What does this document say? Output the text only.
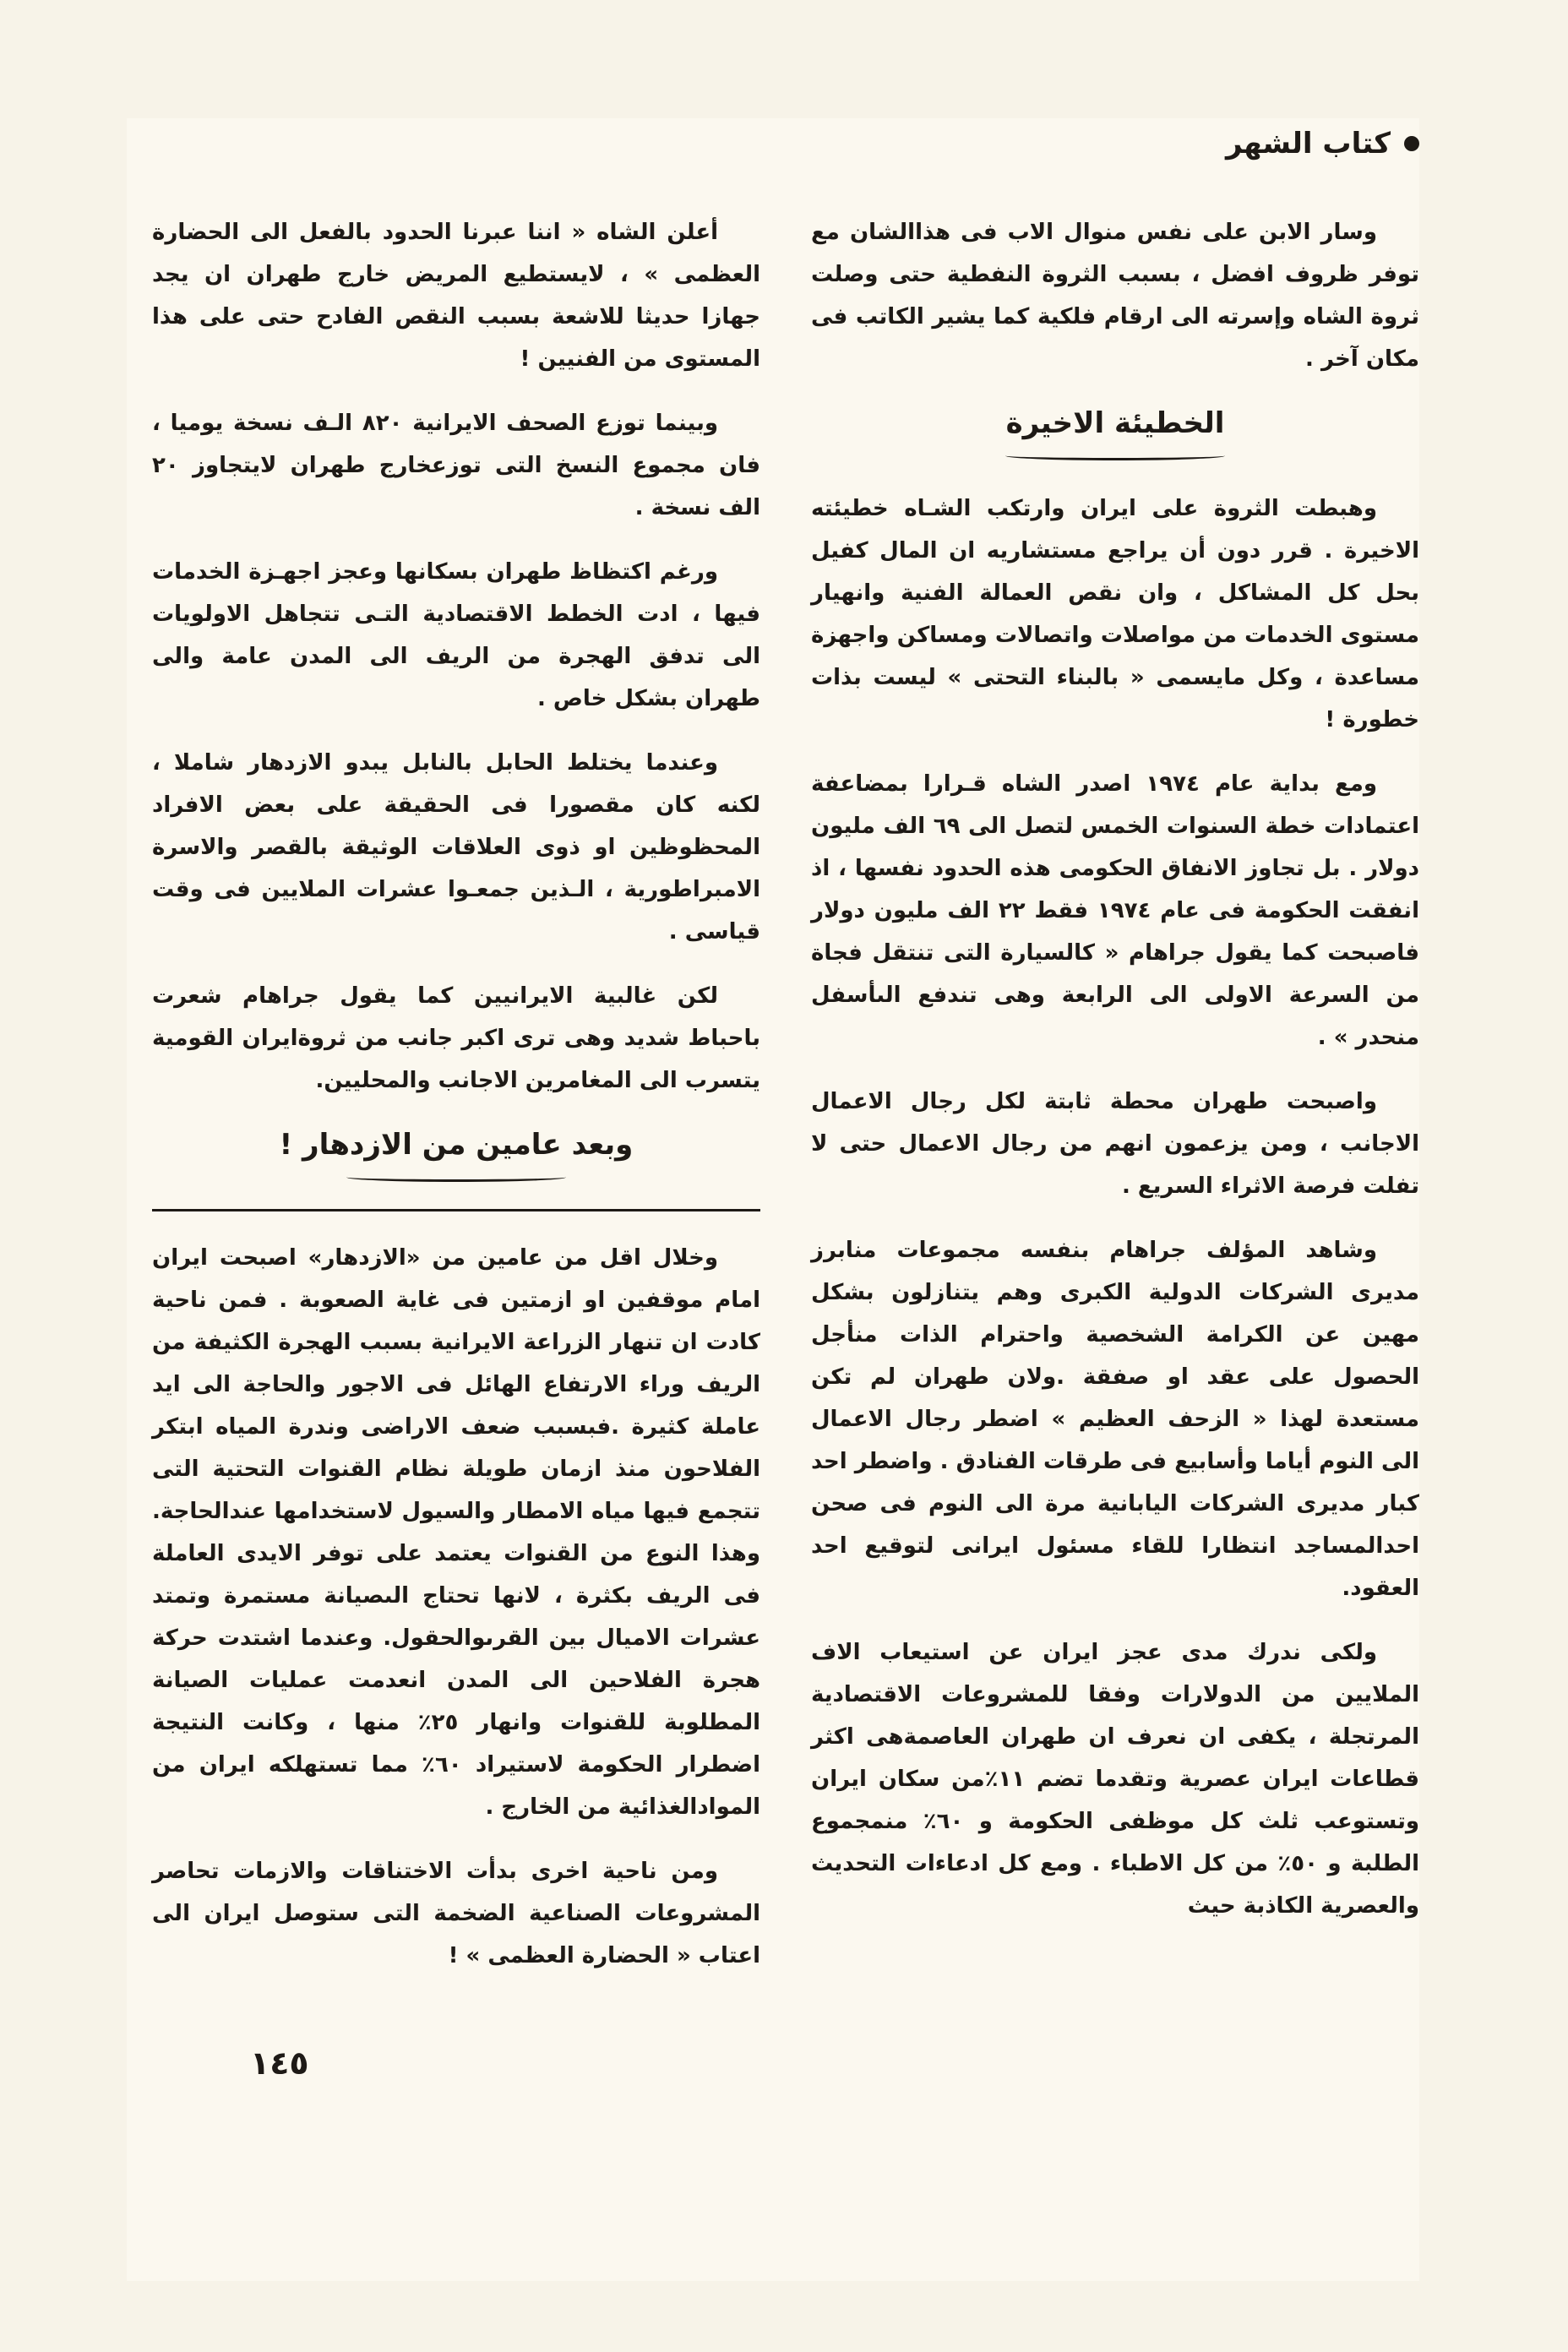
كتاب الشهر

وسار الابن على نفس منوال الاب فى هذاالشان مع توفر ظروف افضل ، بسبب الثروة النفطية حتى وصلت ثروة الشاه وإسرته الى ارقام فلكية كما يشير الكاتب فى مكان آخر .

الخطيئة الاخيرة

وهبطت الثروة على ايران وارتكب الشـاه خطيئته الاخيرة . قرر دون أن يراجع مستشاريه ان المال كفيل بحل كل المشاكل ، وان نقص العمالة الفنية وانهيار مستوى الخدمات من مواصلات واتصالات ومساكن واجهزة مساعدة ، وكل مايسمى « بالبناء التحتى » ليست بذات خطورة !

ومع بداية عام ١٩٧٤ اصدر الشاه قـرارا بمضاعفة اعتمادات خطة السنوات الخمس لتصل الى ٦٩ الف مليون دولار . بل تجاوز الانفاق الحكومى هذه الحدود نفسها ، اذ انفقت الحكومة فى عام ١٩٧٤ فقط ٢٢ الف مليون دولار فاصبحت كما يقول جراهام « كالسيارة التى تنتقل فجاة من السرعة الاولى الى الرابعة وهى تندفع الىأسفل منحدر » .

واصبحت طهران محطة ثابتة لكل رجال الاعمال الاجانب ، ومن يزعمون انهم من رجال الاعمال حتى لا تفلت فرصة الاثراء السريع .

وشاهد المؤلف جراهام بنفسه مجموعات منابرز مديرى الشركات الدولية الكبرى وهم يتنازلون بشكل مهين عن الكرامة الشخصية واحترام الذات منأجل الحصول على عقد او صفقة .ولان طهران لم تكن مستعدة لهذا « الزحف العظيم » اضطر رجال الاعمال الى النوم أياما وأسابيع فى طرقات الفنادق . واضطر احد كبار مديرى الشركات اليابانية مرة الى النوم فى صحن احدالمساجد انتظارا للقاء مسئول ايرانى لتوقيع احد العقود.

ولكى ندرك مدى عجز ايران عن استيعاب الاف الملايين من الدولارات وفقا للمشروعات الاقتصادية المرتجلة ، يكفى ان نعرف ان طهران العاصمةهى اكثر قطاعات ايران عصرية وتقدما تضم ١١٪من سكان ايران وتستوعب ثلث كل موظفى الحكومة و ٦٠٪ منمجموع الطلبة و ٥٠٪ من كل الاطباء . ومع كل ادعاءات التحديث والعصرية الكاذبة حيث

أعلن الشاه « اننا عبرنا الحدود بالفعل الى الحضارة العظمى » ، لايستطيع المريض خارج طهران ان يجد جهازا حديثا للاشعة بسبب النقص الفادح حتى على هذا المستوى من الفنيين !

وبينما توزع الصحف الايرانية ٨٢٠ الـف نسخة يوميا ، فان مجموع النسخ التى توزعخارج طهران لايتجاوز ٢٠ الف نسخة .

ورغم اكتظاظ طهران بسكانها وعجز اجهـزة الخدمات فيها ، ادت الخطط الاقتصادية التـى تتجاهل الاولويات الى تدفق الهجرة من الريف الى المدن عامة والى طهران بشكل خاص .

وعندما يختلط الحابل بالنابل يبدو الازدهار شاملا ، لكنه كان مقصورا فى الحقيقة على بعض الافراد المحظوظين او ذوى العلاقات الوثيقة بالقصر والاسرة الامبراطورية ، الـذين جمعـوا عشرات الملايين فى وقت قياسى .

لكن غالبية الايرانيين كما يقول جراهام شعرت باحباط شديد وهى ترى اكبر جانب من ثروةايران القومية يتسرب الى المغامرين الاجانب والمحليين.

وبعد عامين من الازدهار !

وخلال اقل من عامين من «الازدهار» اصبحت ايران امام موقفين او ازمتين فى غاية الصعوبة . فمن ناحية كادت ان تنهار الزراعة الايرانية بسبب الهجرة الكثيفة من الريف وراء الارتفاع الهائل فى الاجور والحاجة الى ايد عاملة كثيرة .فبسبب ضعف الاراضى وندرة المياه ابتكر الفلاحون منذ ازمان طويلة نظام القنوات التحتية التى تتجمع فيها مياه الامطار والسيول لاستخدامها عندالحاجة. وهذا النوع من القنوات يعتمد على توفر الايدى العاملة فى الريف بكثرة ، لانها تحتاج الىصيانة مستمرة وتمتد عشرات الاميال بين القرىوالحقول. وعندما اشتدت حركة هجرة الفلاحين الى المدن انعدمت عمليات الصيانة المطلوبة للقنوات وانهار ٢٥٪ منها ، وكانت النتيجة اضطرار الحكومة لاستيراد ٦٠٪ مما تستهلكه ايران من الموادالغذائية من الخارج .

ومن ناحية اخرى بدأت الاختناقات والازمات تحاصر المشروعات الصناعية الضخمة التى ستوصل ايران الى اعتاب « الحضارة العظمى » !

١٤٥
